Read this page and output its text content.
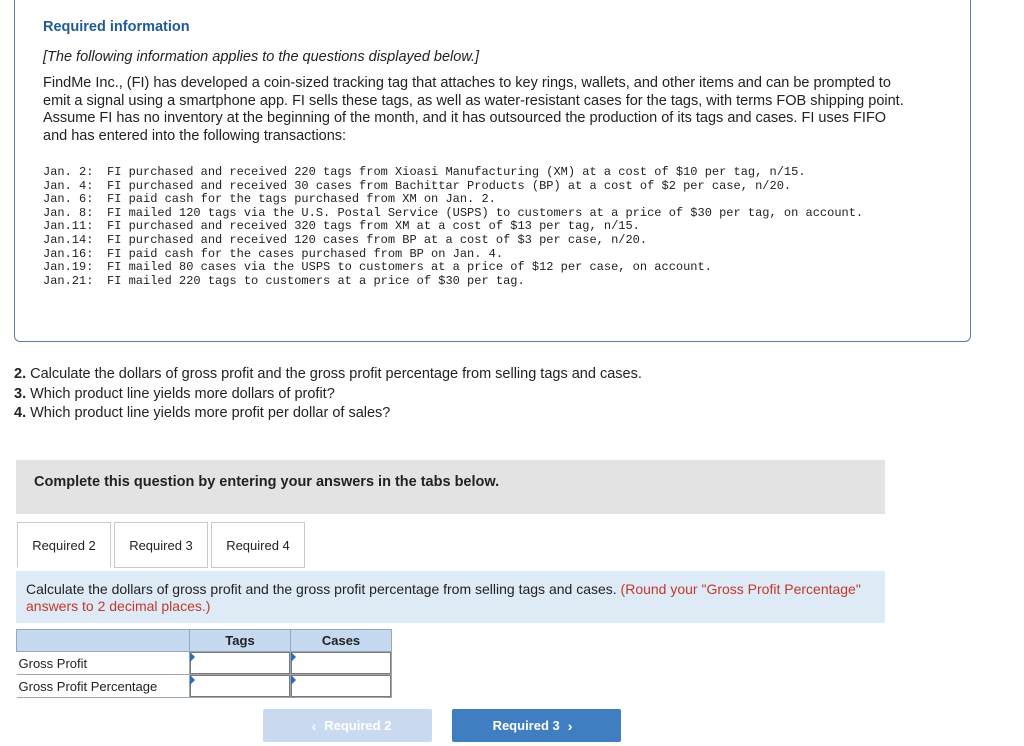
Required information
[The following information applies to the questions displayed below.]
FindMe Inc., (FI) has developed a coin-sized tracking tag that attaches to key rings, wallets, and other items and can be prompted to emit a signal using a smartphone app. FI sells these tags, as well as water-resistant cases for the tags, with terms FOB shipping point. Assume FI has no inventory at the beginning of the month, and it has outsourced the production of its tags and cases. FI uses FIFO and has entered into the following transactions:
Jan. 2:	FI purchased and received 220 tags from Xioasi Manufacturing (XM) at a cost of $10 per tag, n/15.
Jan. 4:	FI purchased and received 30 cases from Bachittar Products (BP) at a cost of $2 per case, n/20.
Jan. 6:	FI paid cash for the tags purchased from XM on Jan. 2.
Jan. 8:	FI mailed 120 tags via the U.S. Postal Service (USPS) to customers at a price of $30 per tag, on account.
Jan.11:	FI purchased and received 320 tags from XM at a cost of $13 per tag, n/15.
Jan.14:	FI purchased and received 120 cases from BP at a cost of $3 per case, n/20.
Jan.16:	FI paid cash for the cases purchased from BP on Jan. 4.
Jan.19:	FI mailed 80 cases via the USPS to customers at a price of $12 per case, on account.
Jan.21:	FI mailed 220 tags to customers at a price of $30 per tag.
2. Calculate the dollars of gross profit and the gross profit percentage from selling tags and cases.
3. Which product line yields more dollars of profit?
4. Which product line yields more profit per dollar of sales?
Complete this question by entering your answers in the tabs below.
Required 2	Required 3	Required 4
Calculate the dollars of gross profit and the gross profit percentage from selling tags and cases. (Round your "Gross Profit Percentage" answers to 2 decimal places.)
	Tags	Cases
Gross Profit	

Gross Profit Percentage	

‹ Required 2	Required 3 ›
